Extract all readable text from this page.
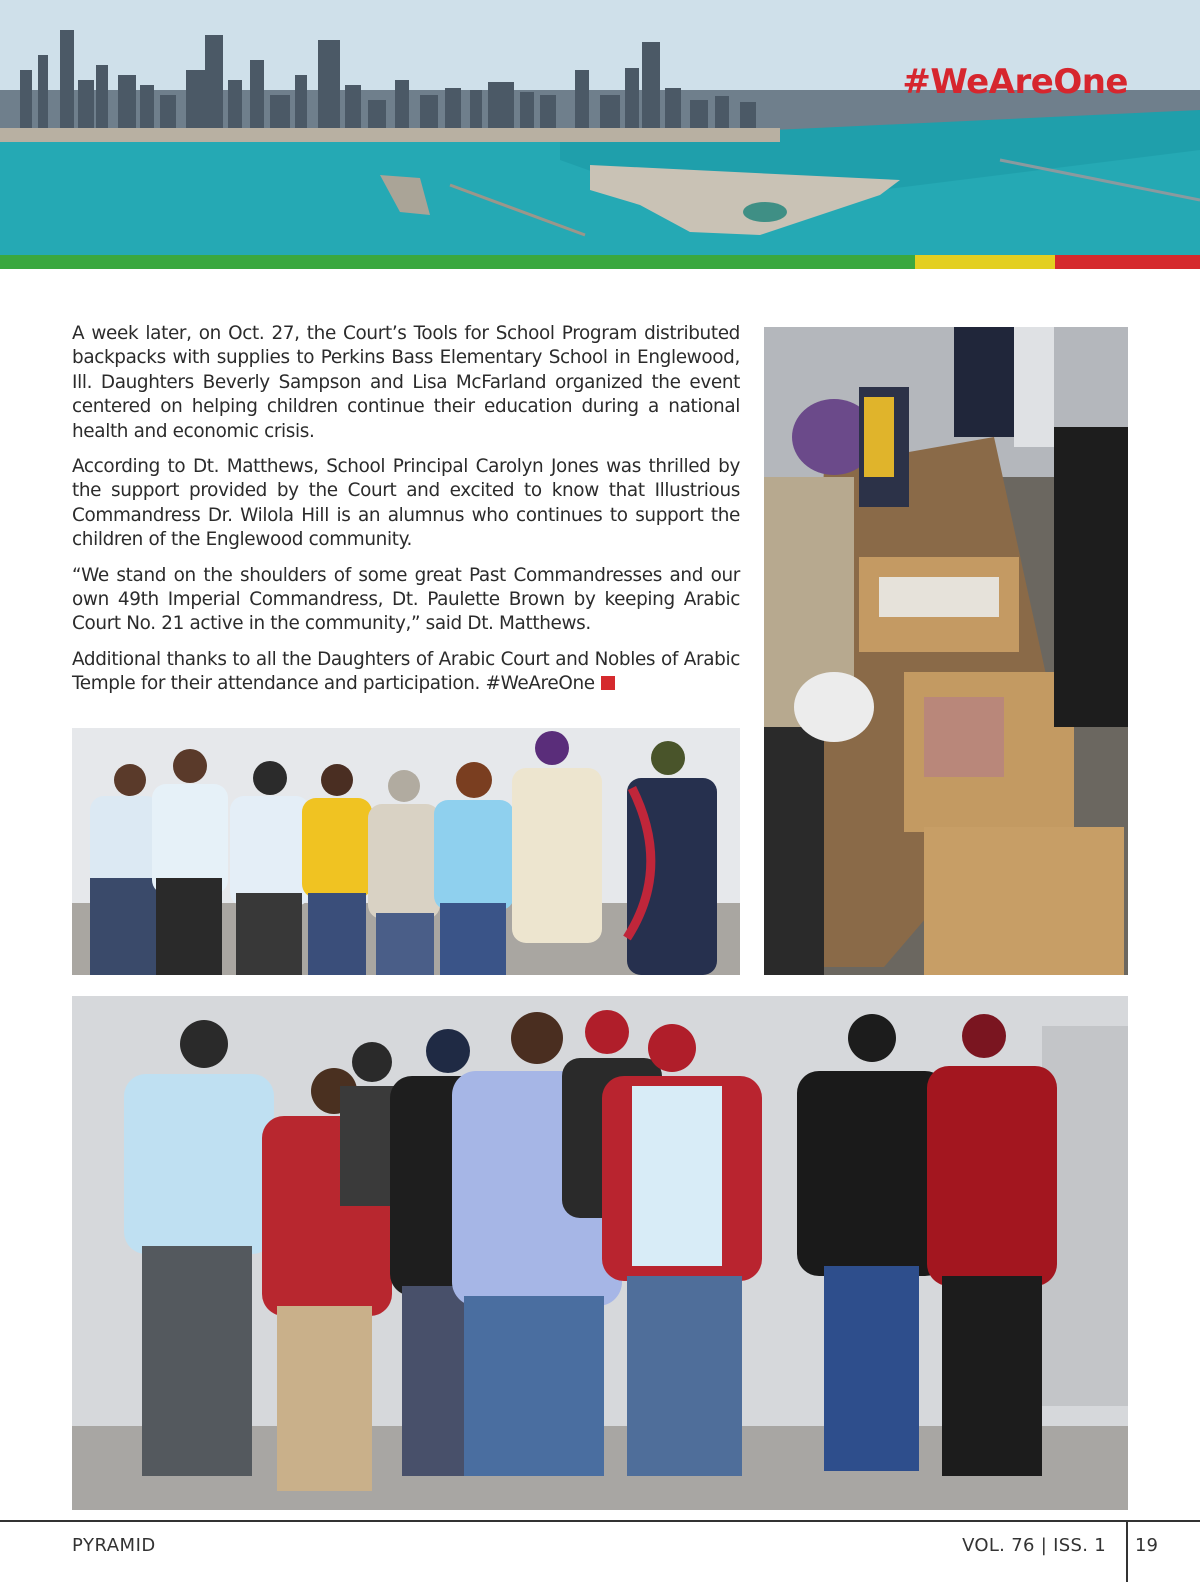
#WeAreOne

A week later, on Oct. 27, the Court’s Tools for School Program distributed backpacks with supplies to Perkins Bass Elementary School in Englewood, Ill. Daughters Beverly Sampson and Lisa McFarland organized the event centered on helping children continue their education during a national health and economic crisis.

According to Dt. Matthews, School Principal Carolyn Jones was thrilled by the support provided by the Court and excited to know that Illustrious Commandress Dr. Wilola Hill is an alumnus who continues to support the children of the Englewood community.

“We stand on the shoulders of some great Past Commandresses and our own 49th Imperial Commandress, Dt. Paulette Brown by keeping Arabic Court No. 21 active in the community,” said Dt. Matthews.

Additional thanks to all the Daughters of Arabic Court and Nobles of Arabic Temple for their attendance and participation. #WeAreOne

PYRAMID	VOL. 76 | ISS. 1 19
